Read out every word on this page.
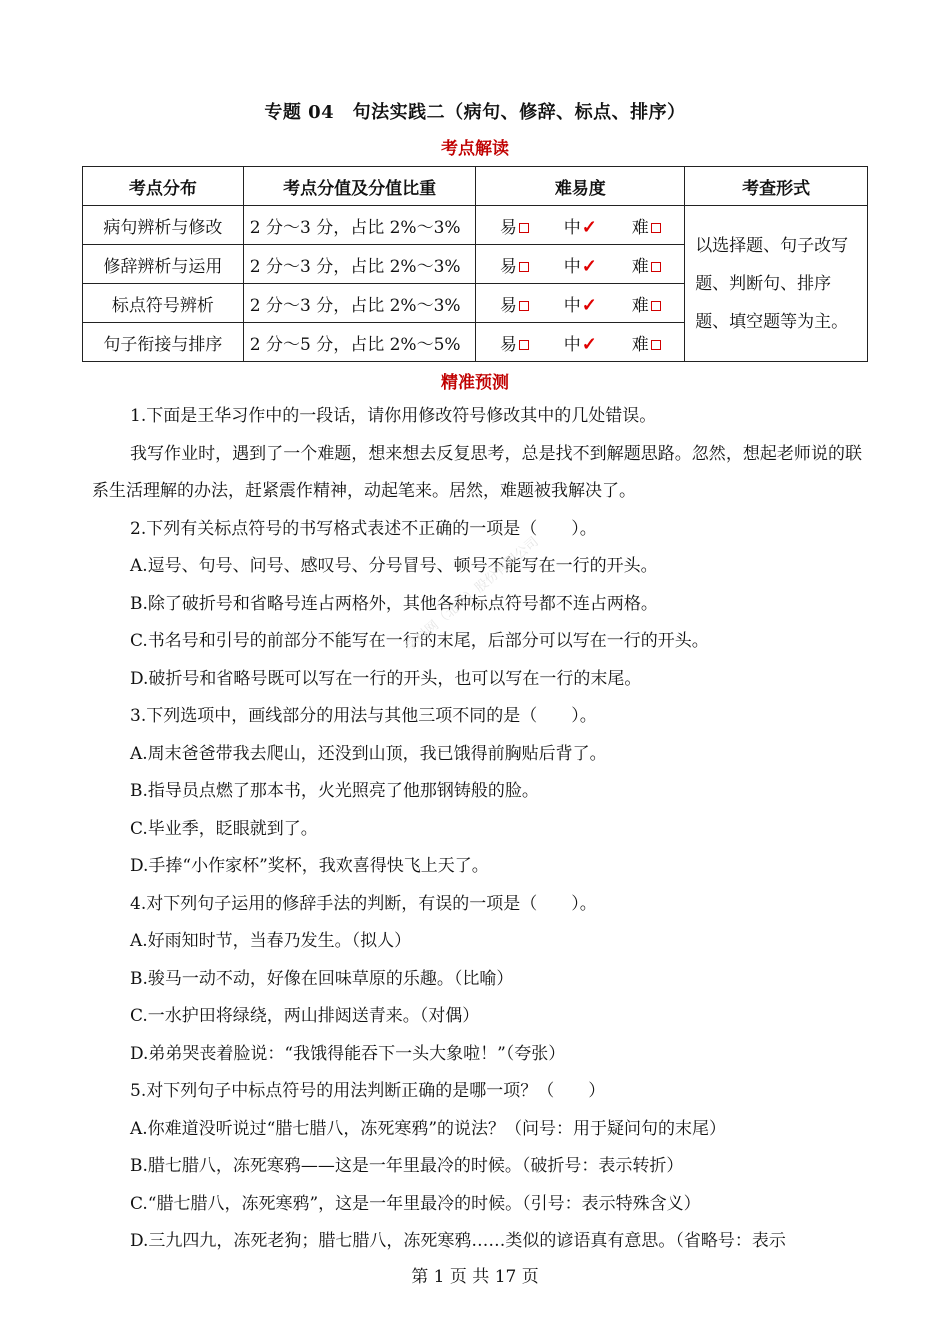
专题 04　句法实践二（病句、修辞、标点、排序）
考点解读
考点分布	考点分值及分值比重	难易度	考查形式
病句辨析与修改	2 分～3 分，占比 2%～3%	易 中✓ 难	以选择题、句子改写题、判断句、排序题、填空题等为主。
修辞辨析与运用	2 分～3 分，占比 2%～3%	易 中✓ 难	

标点符号辨析	2 分～3 分，占比 2%～3%	易 中✓ 难	

句子衔接与排序	2 分～5 分，占比 2%～5%	易 中✓ 难	
精准预测
1.下面是王华习作中的一段话，请你用修改符号修改其中的几处错误。
我写作业时，遇到了一个难题，想来想去反复思考，总是找不到解题思路。忽然，想起老师说的联系生活理解的办法，赶紧震作精神，动起笔来。居然，难题被我解决了。
2.下列有关标点符号的书写格式表述不正确的一项是（　　）。
A.逗号、句号、问号、感叹号、分号冒号、顿号不能写在一行的开头。
B.除了破折号和省略号连占两格外，其他各种标点符号都不连占两格。
C.书名号和引号的前部分不能写在一行的末尾，后部分可以写在一行的开头。
D.破折号和省略号既可以写在一行的开头，也可以写在一行的末尾。
3.下列选项中，画线部分的用法与其他三项不同的是（　　）。
A.周末爸爸带我去爬山，还没到山顶，我已饿得前胸贴后背了。
B.指导员点燃了那本书，火光照亮了他那钢铸般的脸。
C.毕业季，眨眼就到了。
D.手捧“小作家杯”奖杯，我欢喜得快飞上天了。
4.对下列句子运用的修辞手法的判断，有误的一项是（　　）。
A.好雨知时节，当春乃发生。（拟人）
B.骏马一动不动，好像在回味草原的乐趣。（比喻）
C.一水护田将绿绕，两山排闼送青来。（对偶）
D.弟弟哭丧着脸说：“我饿得能吞下一头大象啦！”（夸张）
5.对下列句子中标点符号的用法判断正确的是哪一项？（　　）
A.你难道没听说过“腊七腊八，冻死寒鸦”的说法？（问号：用于疑问句的末尾）
B.腊七腊八，冻死寒鸦——这是一年里最冷的时候。（破折号：表示转折）
C.“腊七腊八，冻死寒鸦”，这是一年里最冷的时候。（引号：表示特殊含义）
D.三九四九，冻死老狗；腊七腊八，冻死寒鸦……类似的谚语真有意思。（省略号：表示
学科网（北京）股份有限公司
第 1 页 共 17 页
